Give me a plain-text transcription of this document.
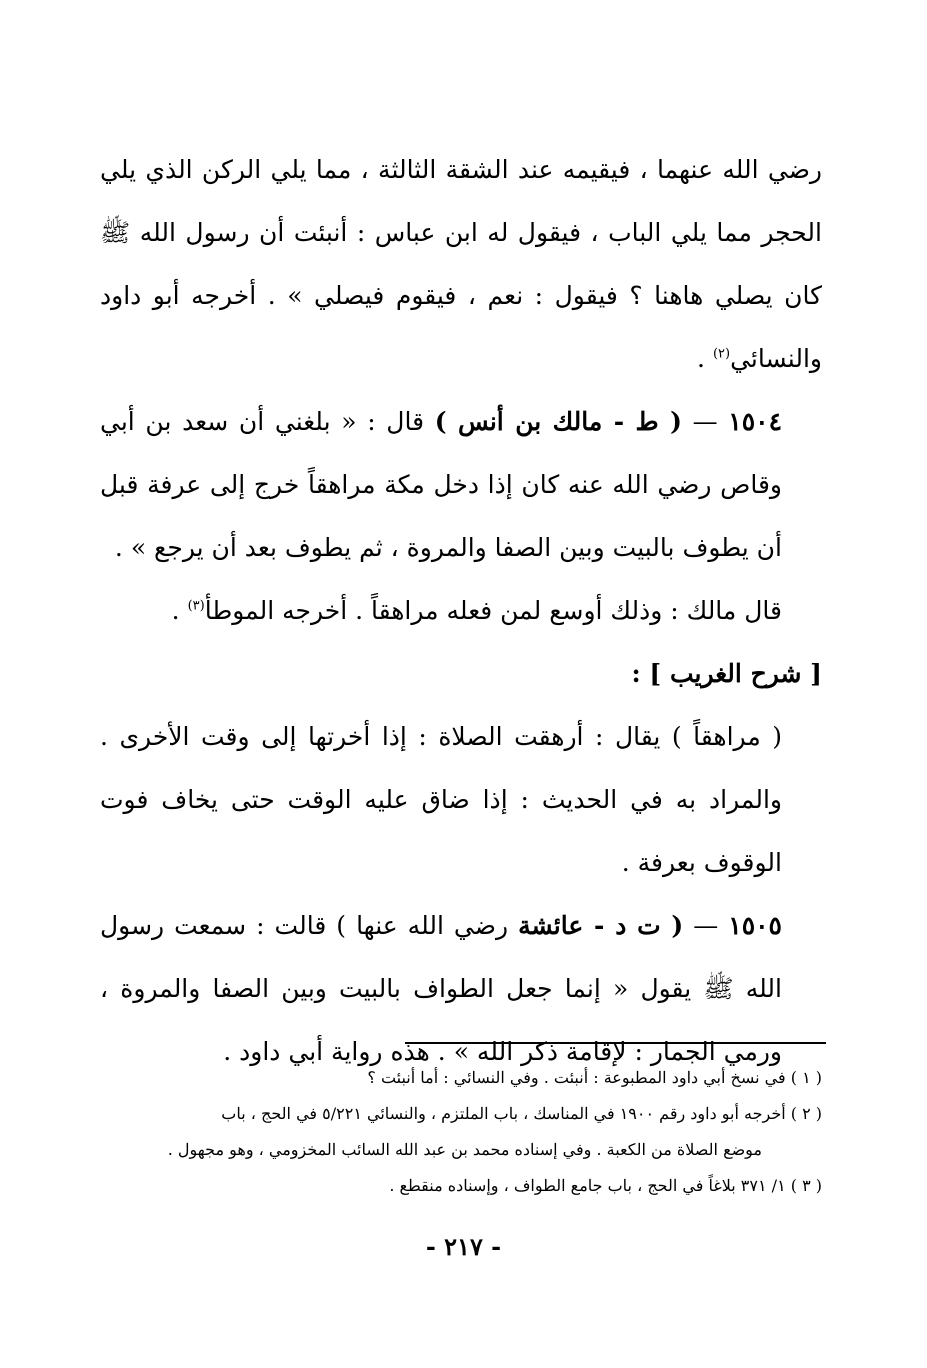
رضي الله عنهما ، فيقيمه عند الشقة الثالثة ، مما يلي الركن الذي يلي الحجر مما يلي الباب ، فيقول له ابن عباس : أنبئت أن رسول الله ﷺ كان يصلي هاهنا ؟ فيقول : نعم ، فيقوم فيصلي » . أخرجه أبو داود والنسائي$^{(٢)}$ .

١٥٠٤ — ( ط - مالك بن أنس ) قال : « بلغني أن سعد بن أبي وقاص رضي الله عنه كان إذا دخل مكة مراهقاً خرج إلى عرفة قبل أن يطوف بالبيت وبين الصفا والمروة ، ثم يطوف بعد أن يرجع » .

قال مالك : وذلك أوسع لمن فعله مراهقاً . أخرجه الموطأ$^{(٣)}$ .

[ شرح الغريب ] :

( مراهقاً ) يقال : أرهقت الصلاة : إذا أخرتها إلى وقت الأخرى . والمراد به في الحديث : إذا ضاق عليه الوقت حتى يخاف فوت الوقوف بعرفة .

١٥٠٥ — ( ت د - عائشة رضي الله عنها ) قالت : سمعت رسول الله ﷺ يقول « إنما جعل الطواف بالبيت وبين الصفا والمروة ، ورمي الجمار : لإقامة ذكر الله » . هذه رواية أبي داود .

( ١ ) في نسخ أبي داود المطبوعة : أنبئت . وفي النسائي : أما أنبئت ؟

( ٢ ) أخرجه أبو داود رقم ١٩٠٠ في المناسك ، باب الملتزم ، والنسائي ٥/٢٢١ في الحج ، باب

موضع الصلاة من الكعبة . وفي إسناده محمد بن عبد الله السائب المخزومي ، وهو مجهول .

( ٣ ) ١/ ٣٧١ بلاغاً في الحج ، باب جامع الطواف ، وإسناده منقطع .

- ٢١٧ -
